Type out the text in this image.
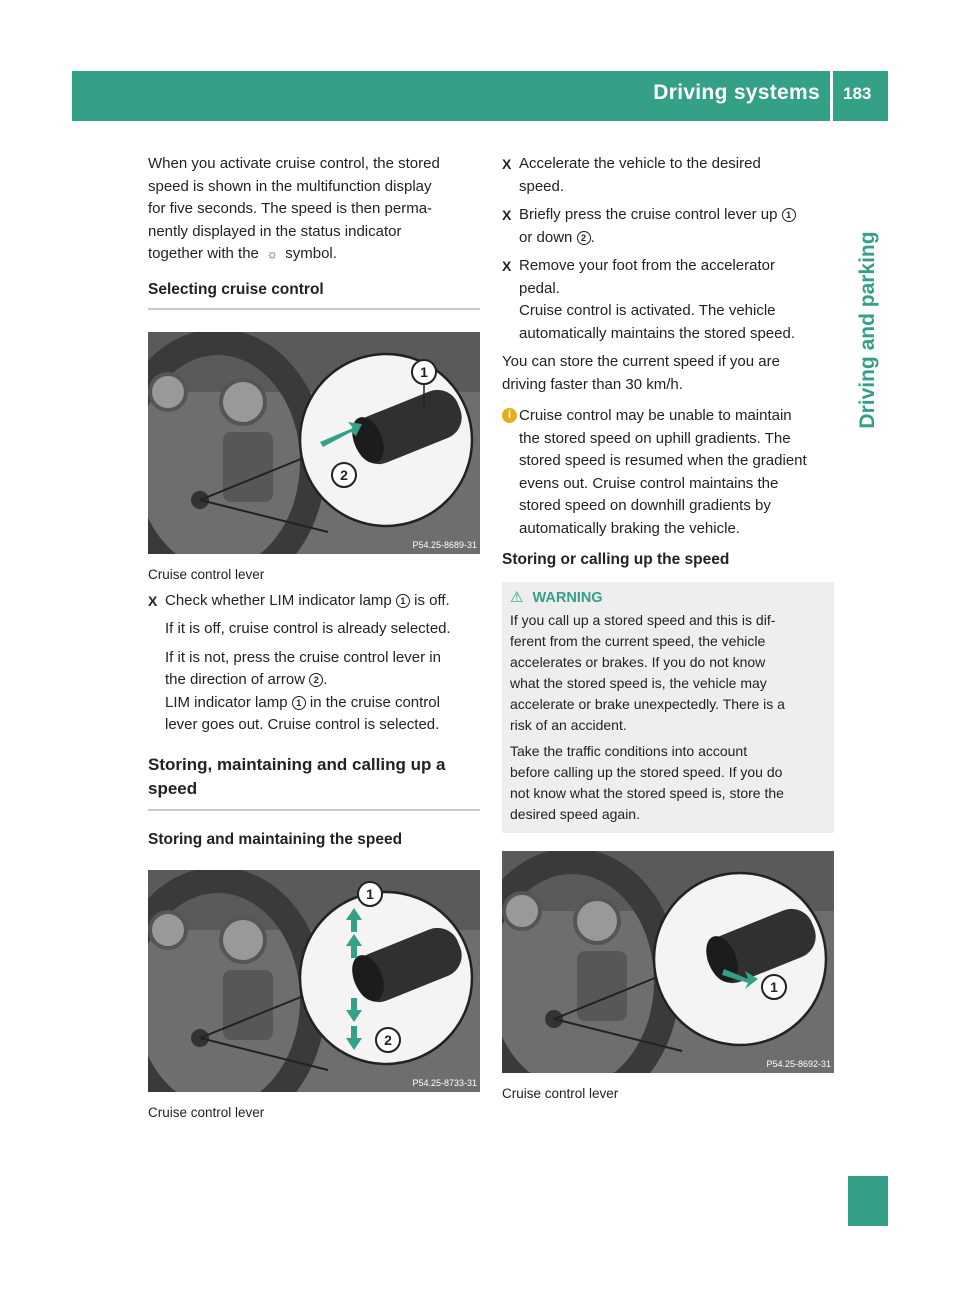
Driving systems 183
Driving and parking

When you activate cruise control, the stored

speed is shown in the multifunction display

for five seconds. The speed is then perma-

nently displayed in the status indicator

together with the ☼ symbol.

Selecting cruise control
1
2
P54.25-8689-31
Cruise control lever
X Check whether LIM indicator lamp 1 is off.
If it is off, cruise control is already selected.
If it is not, press the cruise control lever in
the direction of arrow 2 .
LIM indicator lamp 1 in the cruise control
lever goes out. Cruise control is selected.
Storing, maintaining and calling up a
speed
Storing and maintaining the speed
1
2
P54.25-8733-31
Cruise control lever
X Accelerate the vehicle to the desired
speed.
X Briefly press the cruise control lever up 1
or down 2 .
X Remove your foot from the accelerator
pedal.
Cruise control is activated. The vehicle
automatically maintains the stored speed.

You can store the current speed if you are

driving faster than 30 km/h.

i Cruise control may be unable to maintain
the stored speed on uphill gradients. The
stored speed is resumed when the gradient
evens out. Cruise control maintains the
stored speed on downhill gradients by
automatically braking the vehicle.
Storing or calling up the speed
⚠ WARNING

If you call up a stored speed and this is dif-

ferent from the current speed, the vehicle

accelerates or brakes. If you do not know

what the stored speed is, the vehicle may

accelerate or brake unexpectedly. There is a

risk of an accident.

Take the traffic conditions into account

before calling up the stored speed. If you do

not know what the stored speed is, store the

desired speed again.

1
P54.25-8692-31
Cruise control lever
